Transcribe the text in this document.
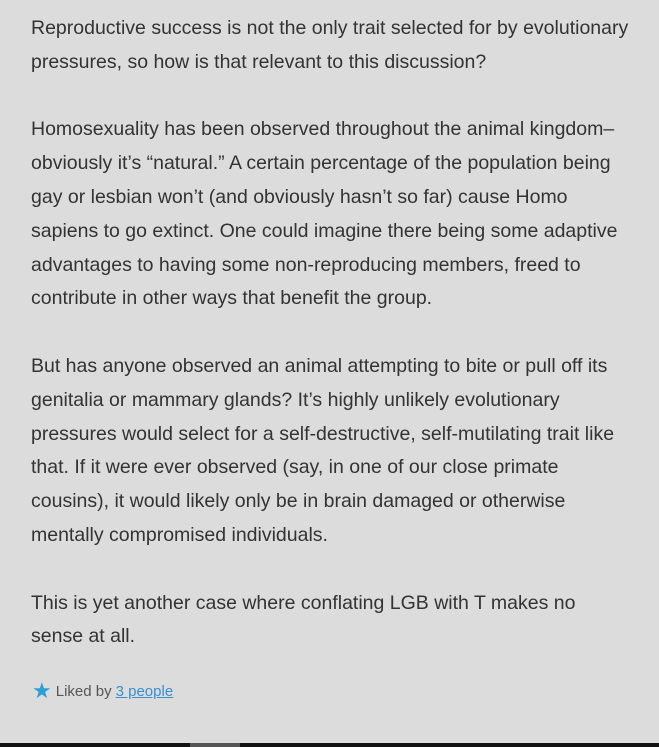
Reproductive success is not the only trait selected for by evolutionary pressures, so how is that relevant to this discussion?

Homosexuality has been observed throughout the animal kingdom–obviously it’s “natural.” A certain percentage of the population being gay or lesbian won’t (and obviously hasn’t so far) cause Homo sapiens to go extinct. One could imagine there being some adaptive advantages to having some non-reproducing members, freed to contribute in other ways that benefit the group.

But has anyone observed an animal attempting to bite or pull off its genitalia or mammary glands? It’s highly unlikely evolutionary pressures would select for a self-destructive, self-mutilating trait like that. If it were ever observed (say, in one of our close primate cousins), it would likely only be in brain damaged or otherwise mentally compromised individuals.

This is yet another case where conflating LGB with T makes no sense at all.

★ Liked by 3 people
